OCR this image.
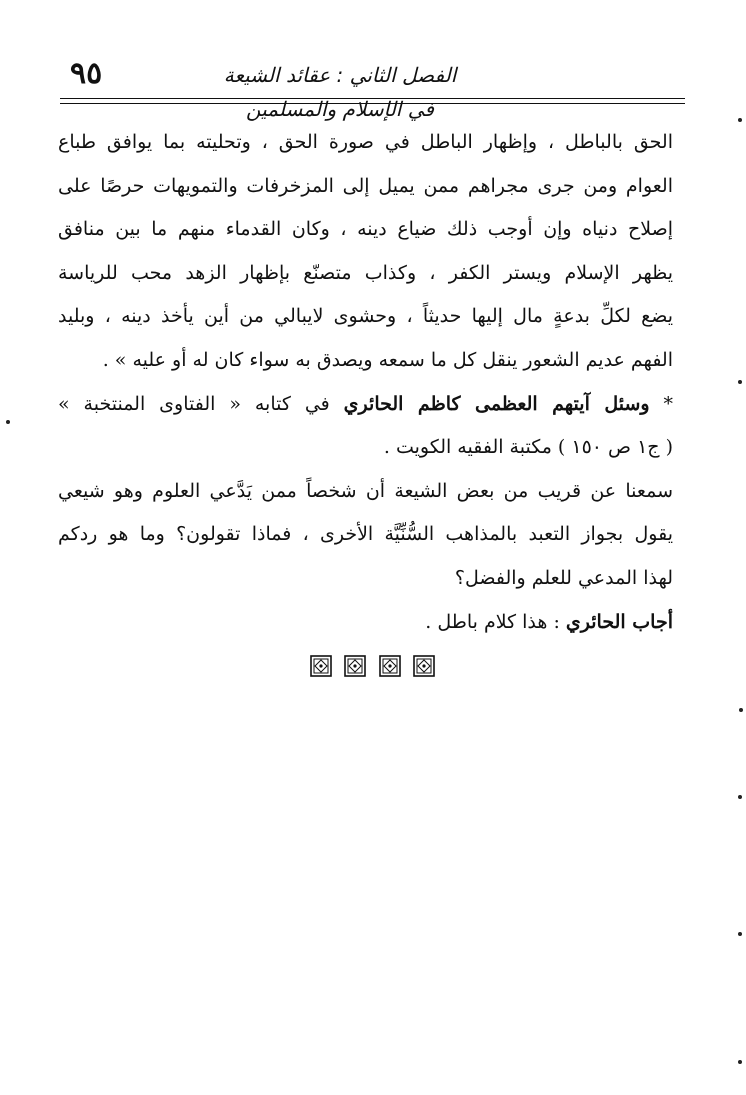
٩٥	الفصل الثاني : عقائد الشيعة في الإسلام والمسلمين
الحق بالباطل ، وإظهار الباطل في صورة الحق ، وتحليته بما يوافق طباع
العوام ومن جرى مجراهم ممن يميل إلى المزخرفات والتمويهات حرصًا على
إصلاح دنياه وإن أوجب ذلك ضياع دينه ، وكان القدماء منهم ما بين منافق
يظهر الإسلام ويستر الكفر ، وكذاب متصنّع بإظهار الزهد محب للرياسة
يضع لكلِّ بدعةٍ مال إليها حديثاً ، وحشوى لايبالي من أين يأخذ دينه ، وبليد
الفهم عديم الشعور ينقل كل ما سمعه ويصدق به سواء كان له أو عليه » .
* وسئل آيتهم العظمى كاظم الحائري في كتابه « الفتاوى المنتخبة »
( ج١ ص ١٥٠ ) مكتبة الفقيه الكويت .
سمعنا عن قريب من بعض الشيعة أن شخصاً ممن يَدَّعي العلوم وهو شيعي
يقول بجواز التعبد بالمذاهب السُّنِّيَّة الأخرى ، فماذا تقولون؟ وما هو ردكم
لهذا المدعي للعلم والفضل؟
أجاب الحائري : هذا كلام باطل .
